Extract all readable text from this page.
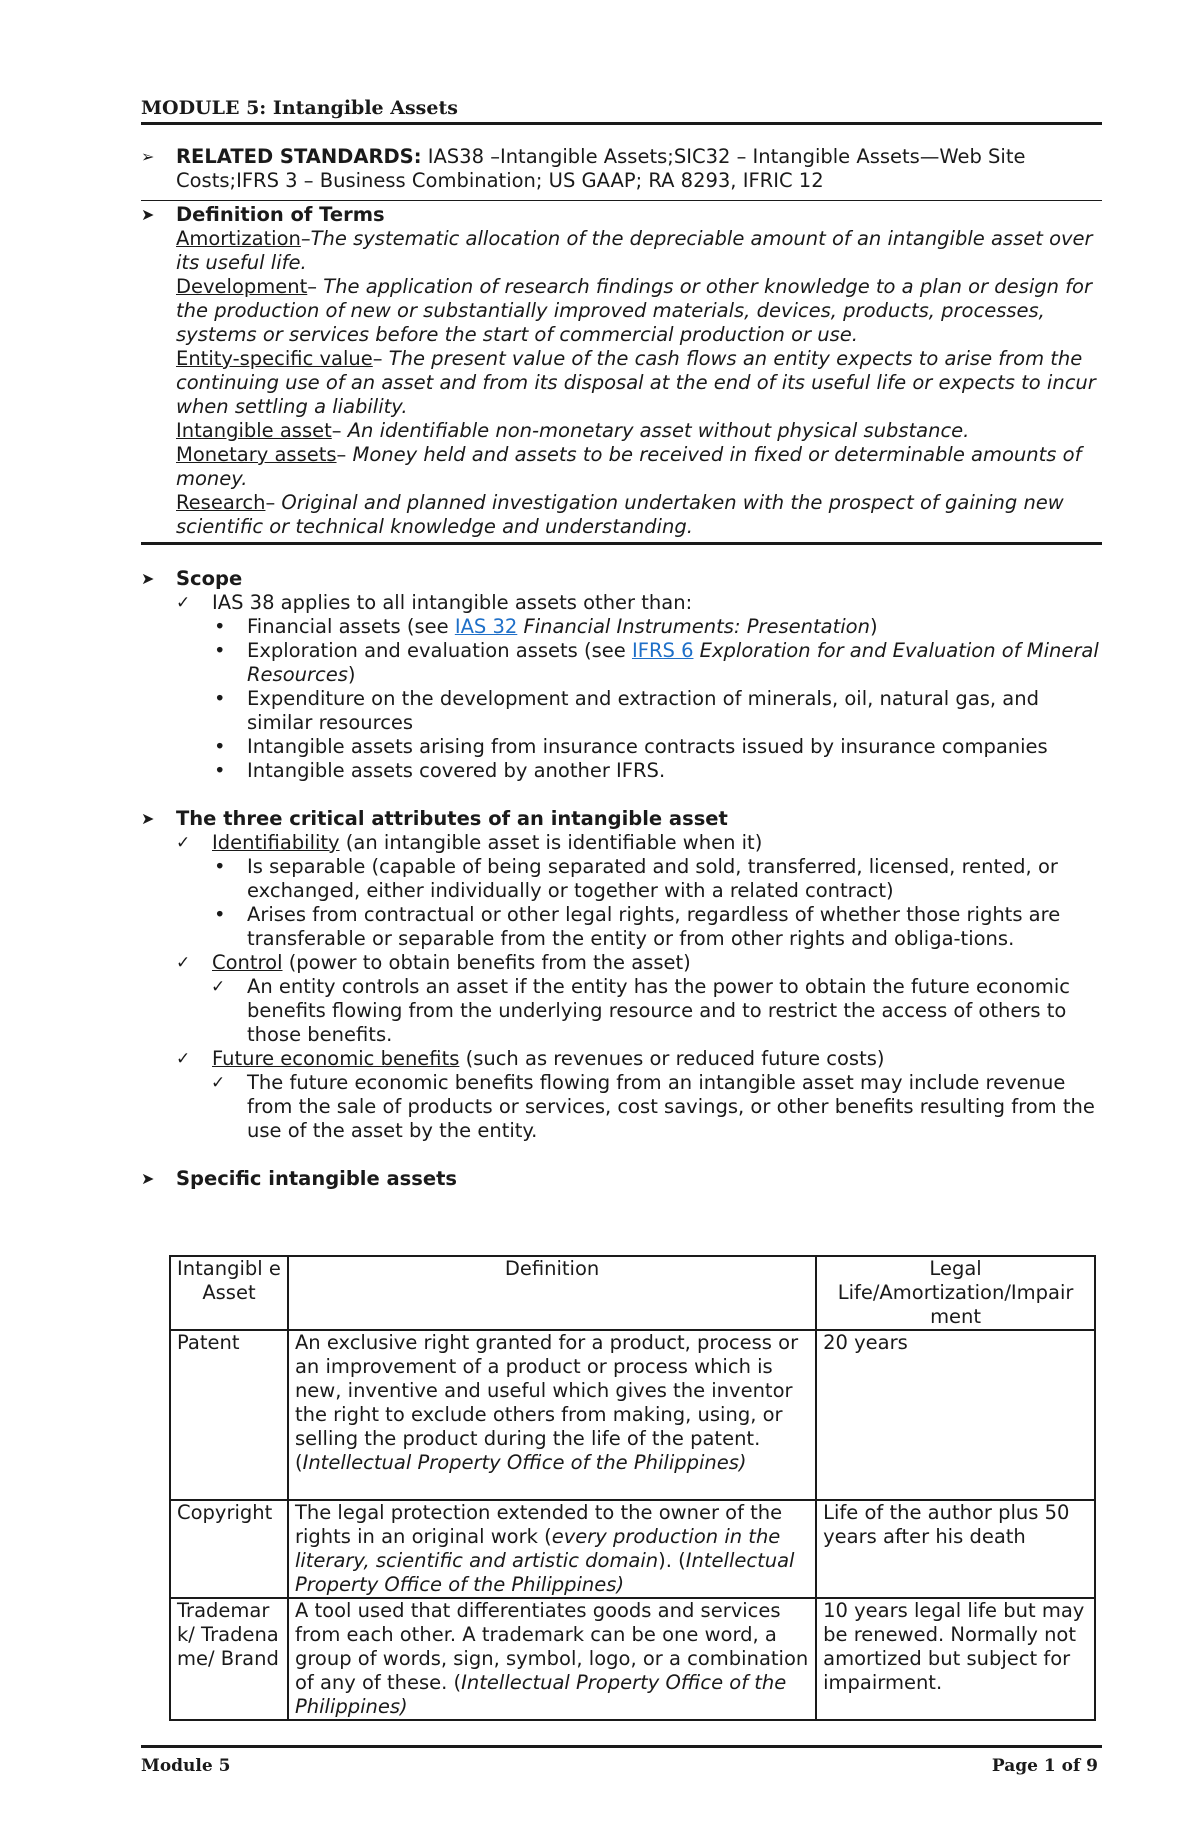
MODULE 5: Intangible Assets
➢	RELATED STANDARDS: IAS38 –Intangible Assets;SIC32 – Intangible Assets—Web Site Costs;IFRS 3 – Business Combination; US GAAP; RA 8293, IFRIC 12
➤	Definition of Terms
Amortization–The systematic allocation of the depreciable amount of an intangible asset over its useful life.
Development– The application of research findings or other knowledge to a plan or design for the production of new or substantially improved materials, devices, products, processes, systems or services before the start of commercial production or use.
Entity-specific value– The present value of the cash flows an entity expects to arise from the continuing use of an asset and from its disposal at the end of its useful life or expects to incur when settling a liability.
Intangible asset– An identifiable non-monetary asset without physical substance.
Monetary assets– Money held and assets to be received in fixed or determinable amounts of money.
Research– Original and planned investigation undertaken with the prospect of gaining new scientific or technical knowledge and understanding.
➤	Scope
✓ IAS 38 applies to all intangible assets other than:
• Financial assets (see IAS 32 Financial Instruments: Presentation)
• Exploration and evaluation assets (see IFRS 6 Exploration for and Evaluation of Mineral Resources)
• Expenditure on the development and extraction of minerals, oil, natural gas, and similar resources
• Intangible assets arising from insurance contracts issued by insurance companies
• Intangible assets covered by another IFRS.
➤	The three critical attributes of an intangible asset
✓ Identifiability (an intangible asset is identifiable when it)
• Is separable (capable of being separated and sold, transferred, licensed, rented, or exchanged, either individually or together with a related contract)
• Arises from contractual or other legal rights, regardless of whether those rights are transferable or separable from the entity or from other rights and obliga-tions.
✓ Control (power to obtain benefits from the asset)
✓ An entity controls an asset if the entity has the power to obtain the future economic benefits flowing from the underlying resource and to restrict the access of others to those benefits.
✓ Future economic benefits (such as revenues or reduced future costs)
✓ The future economic benefits flowing from an intangible asset may include revenue from the sale of products or services, cost savings, or other benefits resulting from the use of the asset by the entity.
➤	Specific intangible assets
Intangibl e Asset	Definition	Legal Life/Amortization/Impair ment
Patent	An exclusive right granted for a product, process or an improvement of a product or process which is new, inventive and useful which gives the inventor the right to exclude others from making, using, or selling the product during the life of the patent. (Intellectual Property Office of the Philippines)	20 years
Copyright	The legal protection extended to the owner of the rights in an original work (every production in the literary, scientific and artistic domain). (Intellectual Property Office of the Philippines)	Life of the author plus 50 years after his death
Trademar k/ Tradena me/ Brand	A tool used that differentiates goods and services from each other. A trademark can be one word, a group of words, sign, symbol, logo, or a combination of any of these. (Intellectual Property Office of the Philippines)	10 years legal life but may be renewed. Normally not amortized but subject for impairment.
Module 5	Page 1 of 9
